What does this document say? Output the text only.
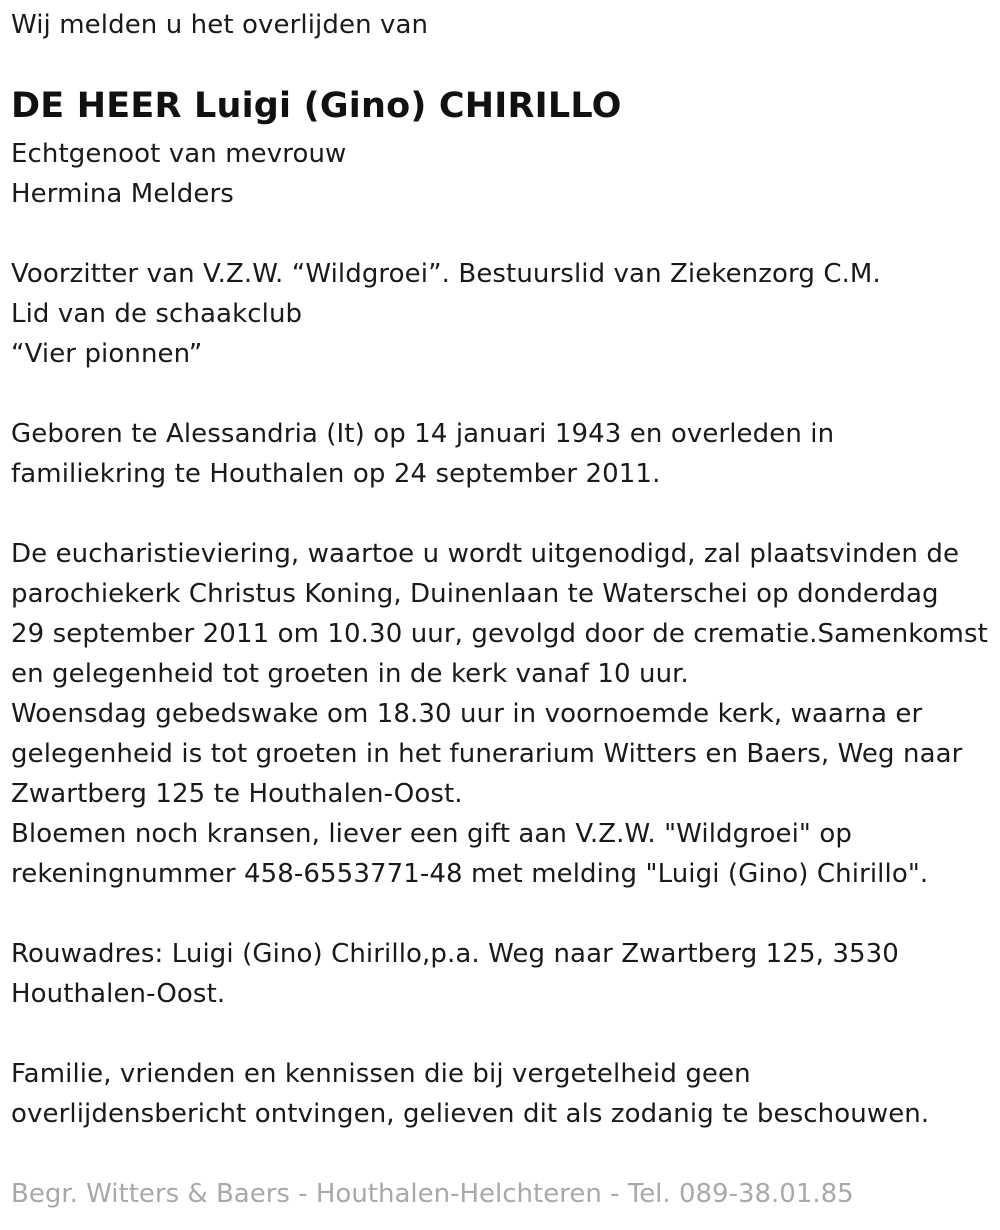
Wij melden u het overlijden van
DE HEER Luigi (Gino) CHIRILLO
Echtgenoot van mevrouw
Hermina Melders
Voorzitter van V.Z.W. “Wildgroei”. Bestuurslid van Ziekenzorg C.M.
Lid van de schaakclub
“Vier pionnen”
Geboren te Alessandria (It) op 14 januari 1943 en overleden in
familiekring te Houthalen op 24 september 2011.
De eucharistieviering, waartoe u wordt uitgenodigd, zal plaatsvinden de
parochiekerk Christus Koning, Duinenlaan te Waterschei op donderdag
29 september 2011 om 10.30 uur, gevolgd door de crematie.Samenkomst
en gelegenheid tot groeten in de kerk vanaf 10 uur.
Woensdag gebedswake om 18.30 uur in voornoemde kerk, waarna er
gelegenheid is tot groeten in het funerarium Witters en Baers, Weg naar
Zwartberg 125 te Houthalen-Oost.
Bloemen noch kransen, liever een gift aan V.Z.W. "Wildgroei" op
rekeningnummer 458-6553771-48 met melding "Luigi (Gino) Chirillo".
Rouwadres: Luigi (Gino) Chirillo,p.a. Weg naar Zwartberg 125, 3530
Houthalen-Oost.
Familie, vrienden en kennissen die bij vergetelheid geen
overlijdensbericht ontvingen, gelieven dit als zodanig te beschouwen.
Begr. Witters & Baers - Houthalen-Helchteren - Tel. 089-38.01.85
